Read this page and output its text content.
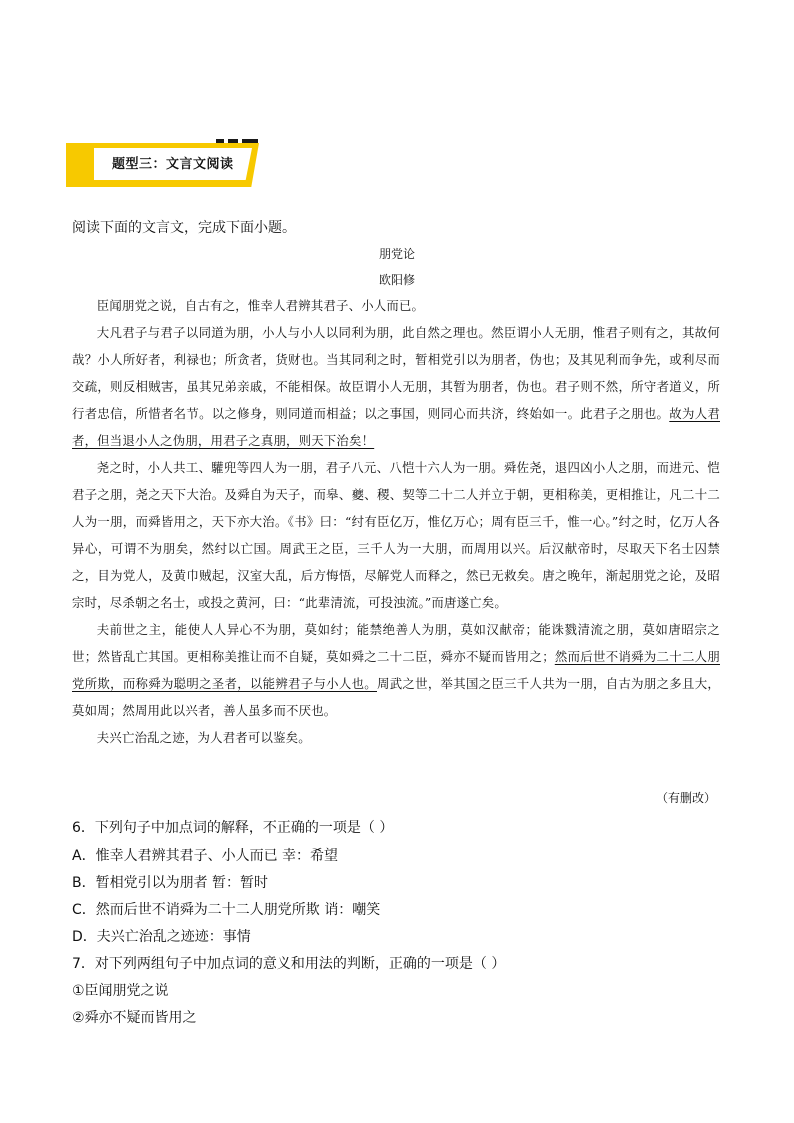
题型三：文言文阅读
阅读下面的文言文，完成下面小题。
朋党论
欧阳修

臣闻朋党之说，自古有之，惟幸人君辨其君子、小人而已。

大凡君子与君子以同道为朋，小人与小人以同利为朋，此自然之理也。然臣谓小人无朋，惟君子则有之，其故何哉？小人所好者，利禄也；所贪者，货财也。当其同利之时，暂相党引以为朋者，伪也；及其见利而争先，或利尽而交疏，则反相贼害，虽其兄弟亲戚，不能相保。故臣谓小人无朋，其暂为朋者，伪也。君子则不然，所守者道义，所行者忠信，所惜者名节。以之修身，则同道而相益；以之事国，则同心而共济，终始如一。此君子之朋也。故为人君者，但当退小人之伪朋，用君子之真朋，则天下治矣！

尧之时，小人共工、驩兜等四人为一朋，君子八元、八恺十六人为一朋。舜佐尧，退四凶小人之朋，而进元、恺君子之朋，尧之天下大治。及舜自为天子，而皋、夔、稷、契等二十二人并立于朝，更相称美，更相推让，凡二十二人为一朋，而舜皆用之，天下亦大治。《书》曰：“纣有臣亿万，惟亿万心；周有臣三千，惟一心。”纣之时，亿万人各异心，可谓不为朋矣，然纣以亡国。周武王之臣，三千人为一大朋，而周用以兴。后汉献帝时，尽取天下名士囚禁之，目为党人，及黄巾贼起，汉室大乱，后方悔悟，尽解党人而释之，然已无救矣。唐之晚年，渐起朋党之论，及昭宗时，尽杀朝之名士，或投之黄河，曰：“此辈清流，可投浊流。”而唐遂亡矣。

夫前世之主，能使人人异心不为朋，莫如纣；能禁绝善人为朋，莫如汉献帝；能诛戮清流之朋，莫如唐昭宗之世；然皆乱亡其国。更相称美推让而不自疑，莫如舜之二十二臣，舜亦不疑而皆用之；然而后世不诮舜为二十二人朋党所欺，而称舜为聪明之圣者，以能辨君子与小人也。周武之世，举其国之臣三千人共为一朋，自古为朋之多且大，莫如周；然周用此以兴者，善人虽多而不厌也。

夫兴亡治乱之迹，为人君者可以鉴矣。

（有删改）
6．下列句子中加点词的解释，不正确的一项是（ ）
A．惟幸人君辨其君子、小人而已 幸：希望
B．暂相党引以为朋者 暂：暂时
C．然而后世不诮舜为二十二人朋党所欺 诮：嘲笑
D．夫兴亡治乱之迹迹：事情
7．对下列两组句子中加点词的意义和用法的判断，正确的一项是（ ）
①臣闻朋党之说
②舜亦不疑而皆用之
